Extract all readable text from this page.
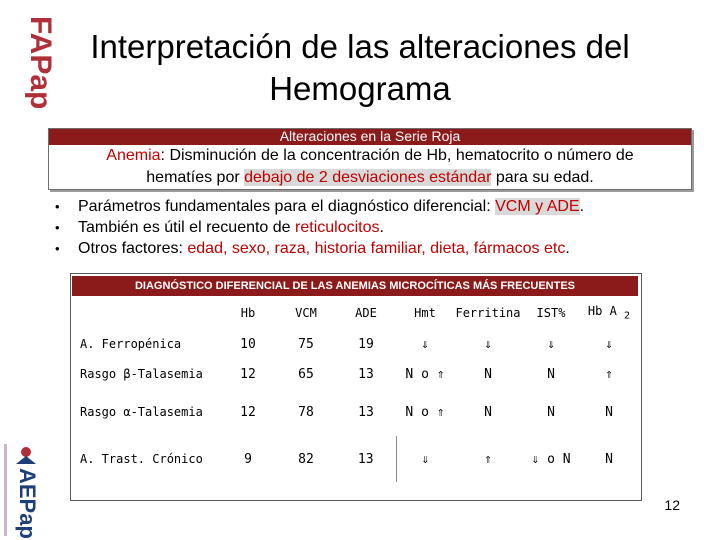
FAPap
AEPap
Interpretación de las alteraciones del
Hemograma
Alteraciones en la Serie Roja
Anemia: Disminución de la concentración de Hb, hematocrito o número de
hematíes por debajo de 2 desviaciones estándar para su edad.
• Parámetros fundamentales para el diagnóstico diferencial: VCM y ADE.
• También es útil el recuento de reticulocitos.
• Otros factores: edad, sexo, raza, historia familiar, dieta, fármacos etc.
DIAGNÓSTICO DIFERENCIAL DE LAS ANEMIAS MICROCÍTICAS MÁS FRECUENTES
	Hb	VCM	ADE	Hmt	Ferritina	IST%	Hb A $_2$
A. Ferropénica	10	75	19	⇓	⇓	⇓	⇓
Rasgo β-Talasemia	12	65	13	N o ⇑	N	N	⇑
Rasgo α-Talasemia	12	78	13	N o ⇑	N	N	N
A. Trast. Crónico	9	82	13	⇓	⇑	⇓ o N	N
12
